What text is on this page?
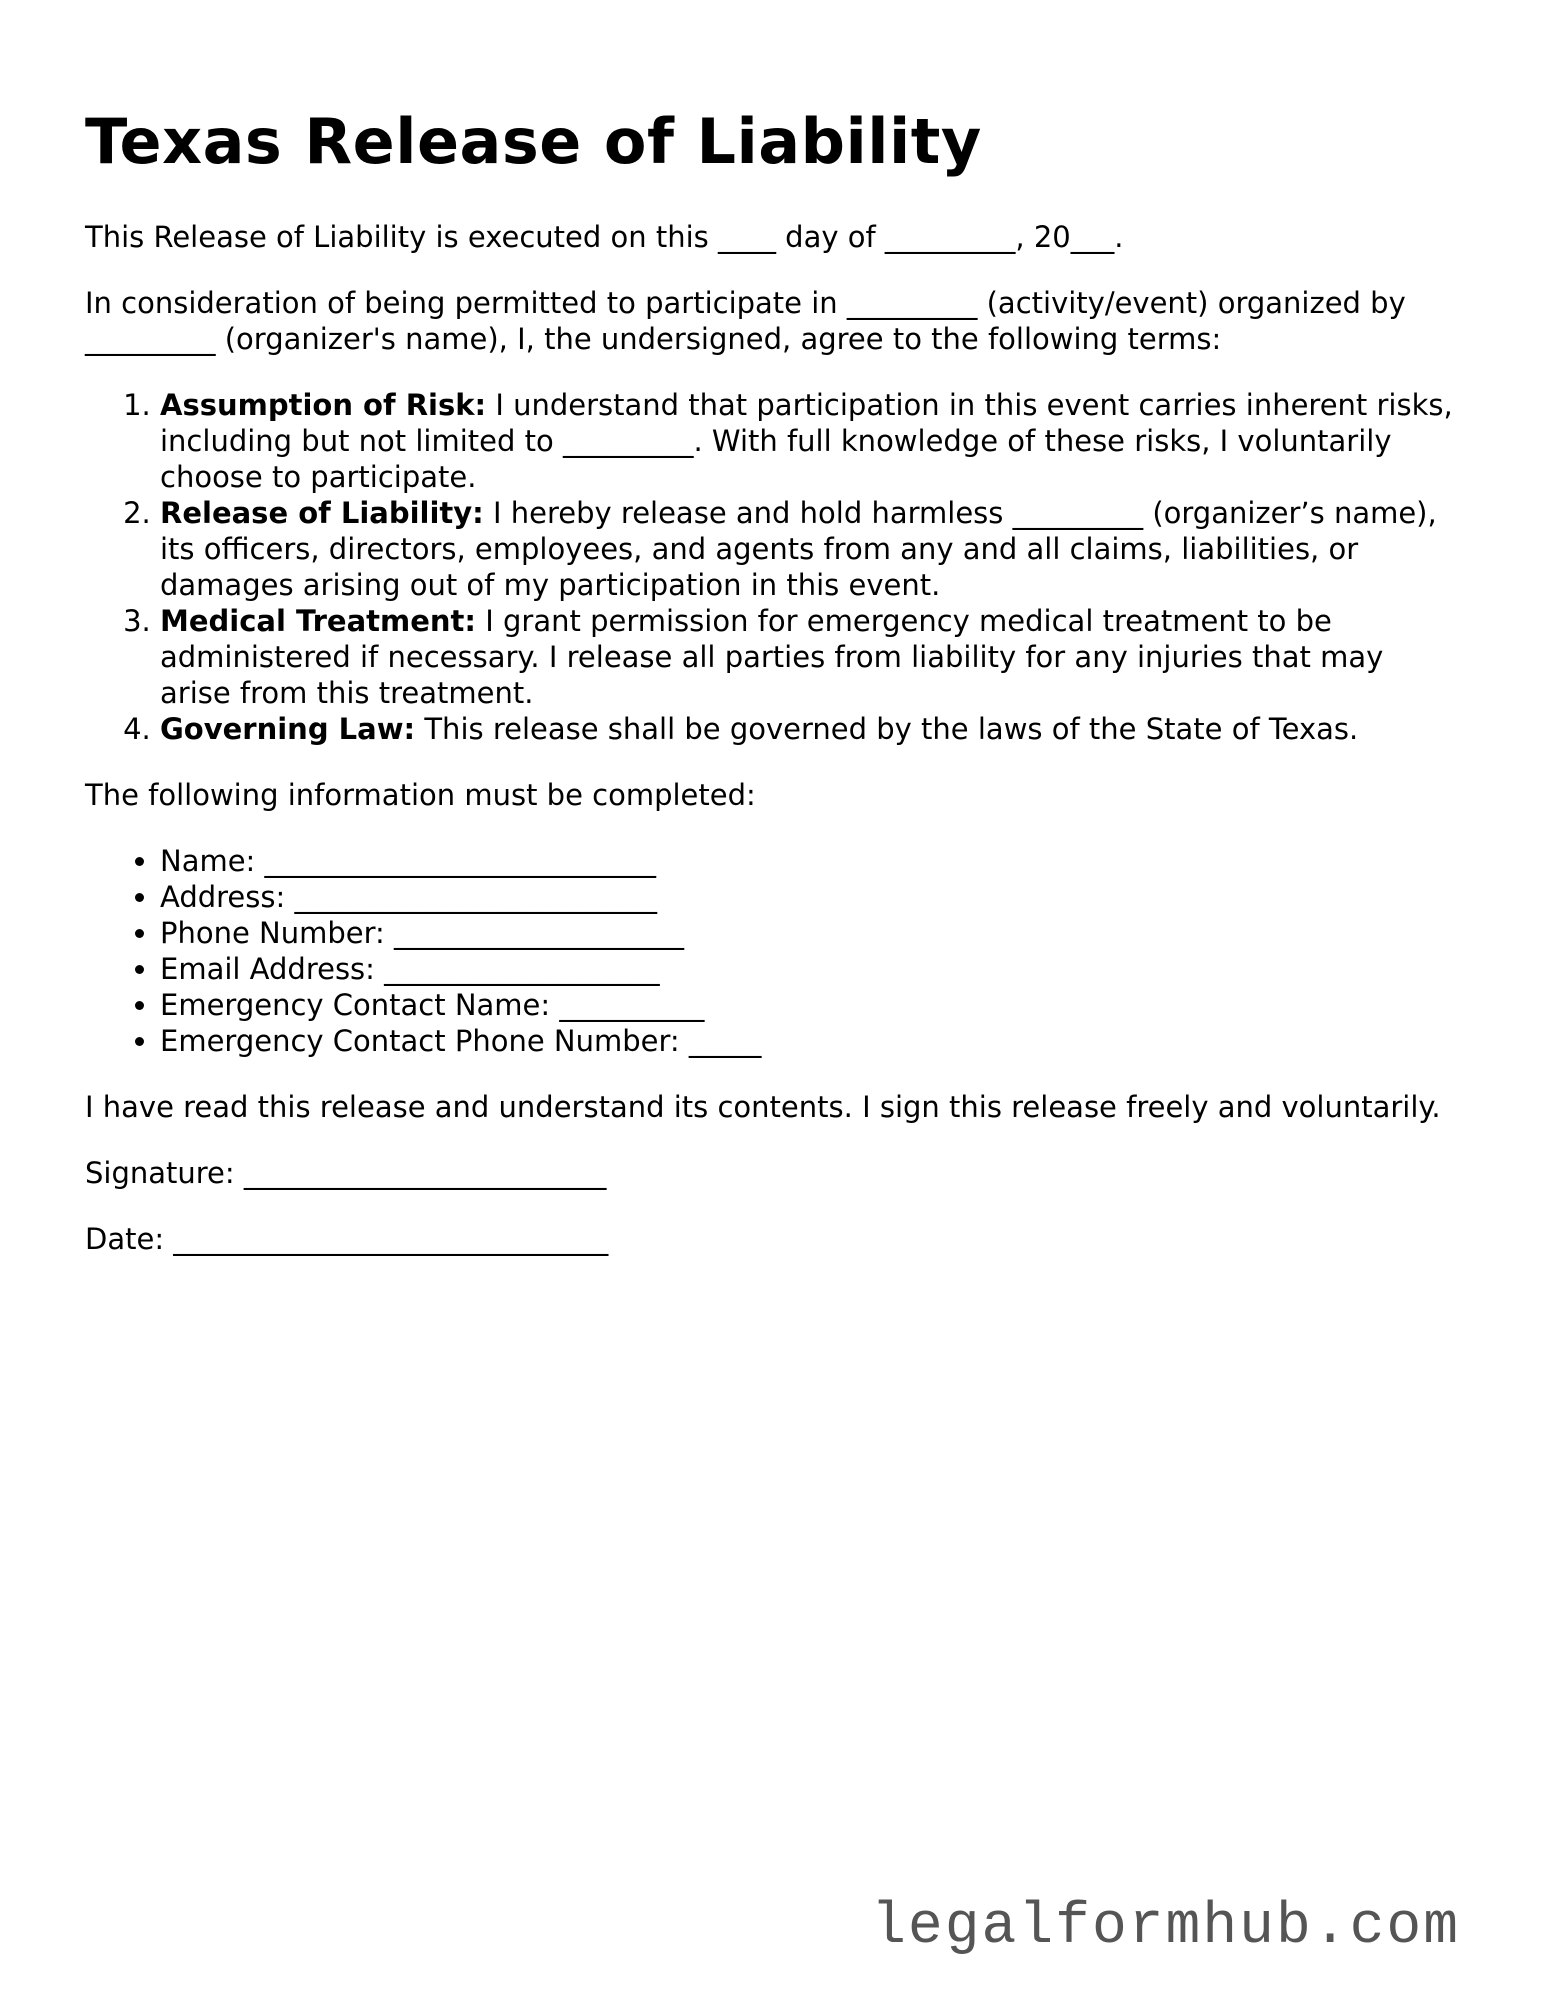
Texas Release of Liability

This Release of Liability is executed on this ____ day of _________, 20___.

In consideration of being permitted to participate in _________ (activity/event) organized by _________ (organizer's name), I, the undersigned, agree to the following terms:

1. Assumption of Risk: I understand that participation in this event carries inherent risks, including but not limited to _________. With full knowledge of these risks, I voluntarily choose to participate.
2. Release of Liability: I hereby release and hold harmless _________ (organizer’s name), its officers, directors, employees, and agents from any and all claims, liabilities, or damages arising out of my participation in this event.
3. Medical Treatment: I grant permission for emergency medical treatment to be administered if necessary. I release all parties from liability for any injuries that may arise from this treatment.
4. Governing Law: This release shall be governed by the laws of the State of Texas.

The following information must be completed:

• Name: ___________________________
• Address: _________________________
• Phone Number: ____________________
• Email Address: ___________________
• Emergency Contact Name: __________
• Emergency Contact Phone Number: _____

I have read this release and understand its contents. I sign this release freely and voluntarily.

Signature: _________________________

Date: ______________________________

legalformhub.com
